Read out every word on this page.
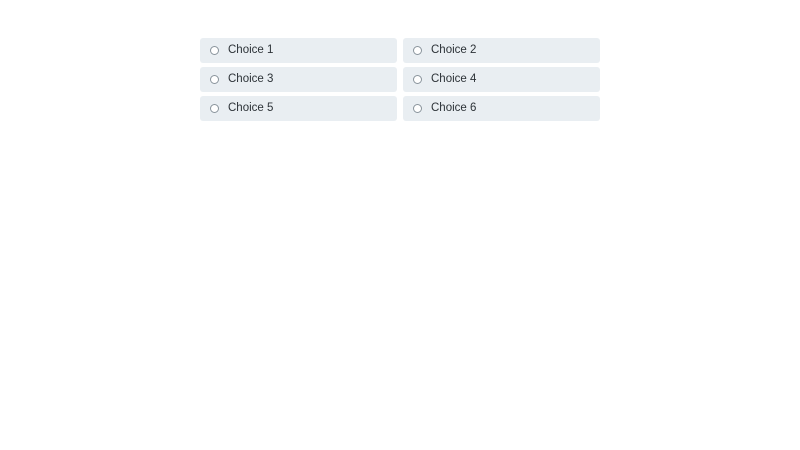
Choice 1	Choice 2
Choice 3	Choice 4
Choice 5	Choice 6
